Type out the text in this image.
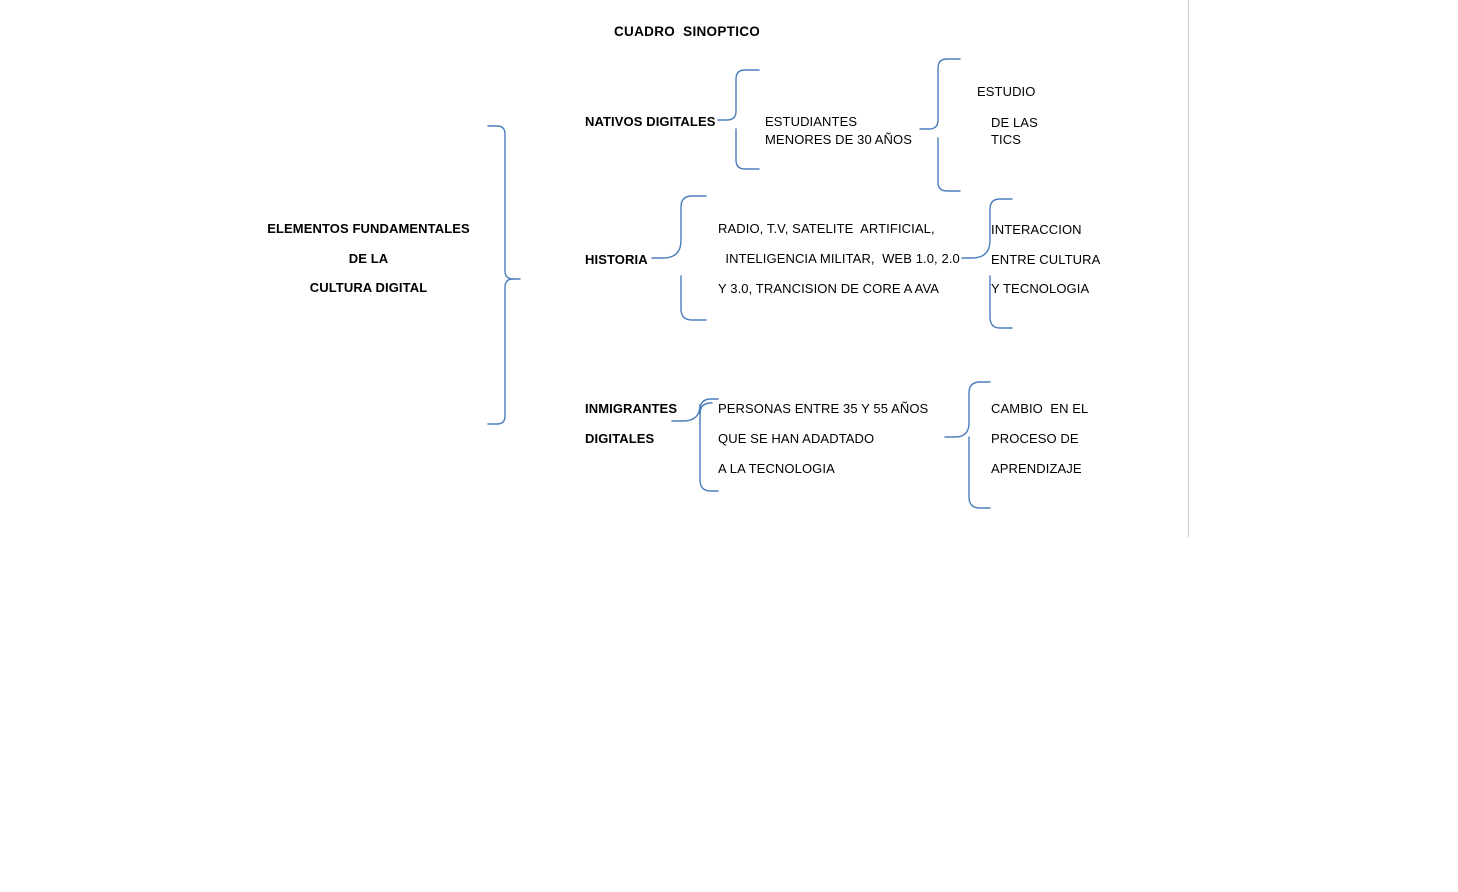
CUADRO  SINOPTICO
ELEMENTOS FUNDAMENTALES
DE LA
CULTURA DIGITAL
NATIVOS DIGITALES	ESTUDIANTES
MENORES DE 30 AÑOS
ESTUDIO
DE LAS
TICS
HISTORIA
RADIO, T.V, SATELITE  ARTIFICIAL,
INTELIGENCIA MILITAR,  WEB 1.0, 2.0
Y 3.0, TRANCISION DE CORE A AVA
INTERACCION
ENTRE CULTURA
Y TECNOLOGIA
INMIGRANTES
DIGITALES
PERSONAS ENTRE 35 Y 55 AÑOS
QUE SE HAN ADADTADO
A LA TECNOLOGIA
CAMBIO  EN EL
PROCESO DE
APRENDIZAJE
